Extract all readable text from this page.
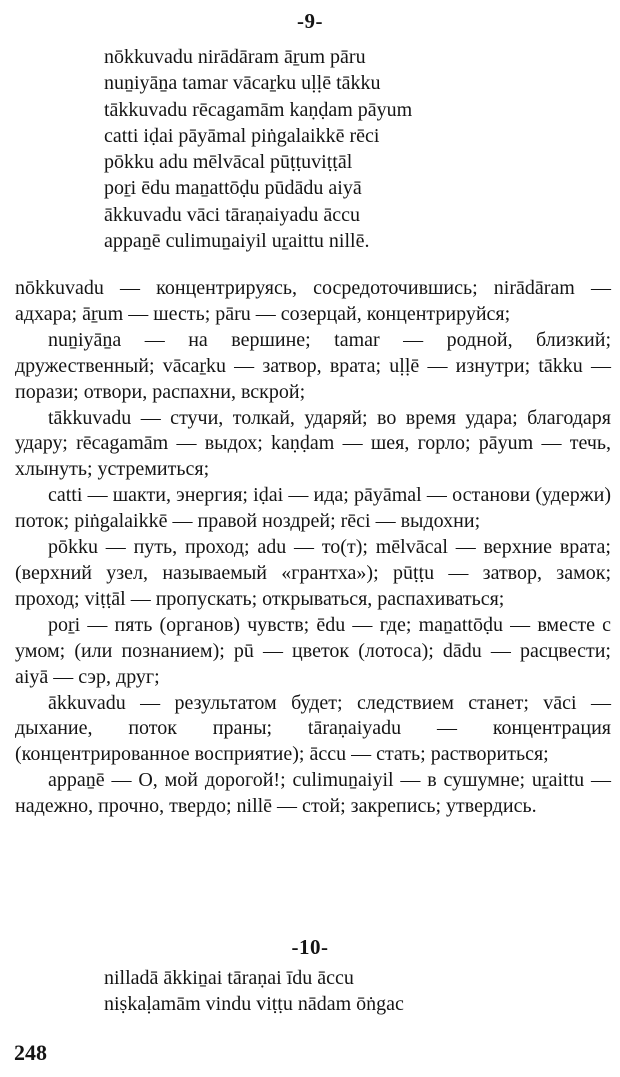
-9-
nōkkuvadu nirādāram āṟum pāru
nuṉiyāṉa tamar vācaṟku uḷḷē tākku
tākkuvadu rēcagamām kaṇḍam pāyum
catti iḍai pāyāmal piṅgalaikkē rēci
pōkku adu mēlvācal pūṭṭuviṭṭāl
poṟi ēdu maṉattōḍu pūdādu aiyā
ākkuvadu vāci tāraṇaiyadu āccu
appaṉē culimuṉaiyil uṟaittu nillē.

nōkkuvadu — концентрируясь, сосредоточившись; nirādāram — адхара; āṟum — шесть; pāru — созерцай, концентрируйся;

nuṉiyāṉa — на вершине; tamar — родной, близкий; дружественный; vācaṟku — затвор, врата; uḷḷē — изнутри; tākku — порази; отвори, распахни, вскрой;

tākkuvadu — стучи, толкай, ударяй; во время удара; благодаря удару; rēcagamām — выдох; kaṇḍam — шея, горло; pāyum — течь, хлынуть; устремиться;

catti — шакти, энергия; iḍai — ида; pāyāmal — останови (удержи) поток; piṅgalaikkē — правой ноздрей; rēci — выдохни;

pōkku — путь, проход; adu — то(т); mēlvācal — верхние врата; (верхний узел, называемый «грантха»); pūṭṭu — затвор, замок; проход; viṭṭāl — пропускать; открываться, распахиваться;

poṟi — пять (органов) чувств; ēdu — где; maṉattōḍu — вместе с умом; (или познанием); pū — цветок (лотоса); dādu — расцвести; aiyā — сэр, друг;

ākkuvadu — результатом будет; следствием станет; vāci — дыхание, поток праны; tāraṇaiyadu — концентрация (концентрированное восприятие); āccu — стать; раствориться;

appaṉē — О, мой дорогой!; culimuṉaiyil — в сушумне; uṟaittu — надежно, прочно, твердо; nillē — стой; закрепись; утвердись.

-10-
nilladā ākkiṉai tāraṇai īdu āccu
niṣkaḷamām vindu viṭṭu nādam ōṅgac
248
